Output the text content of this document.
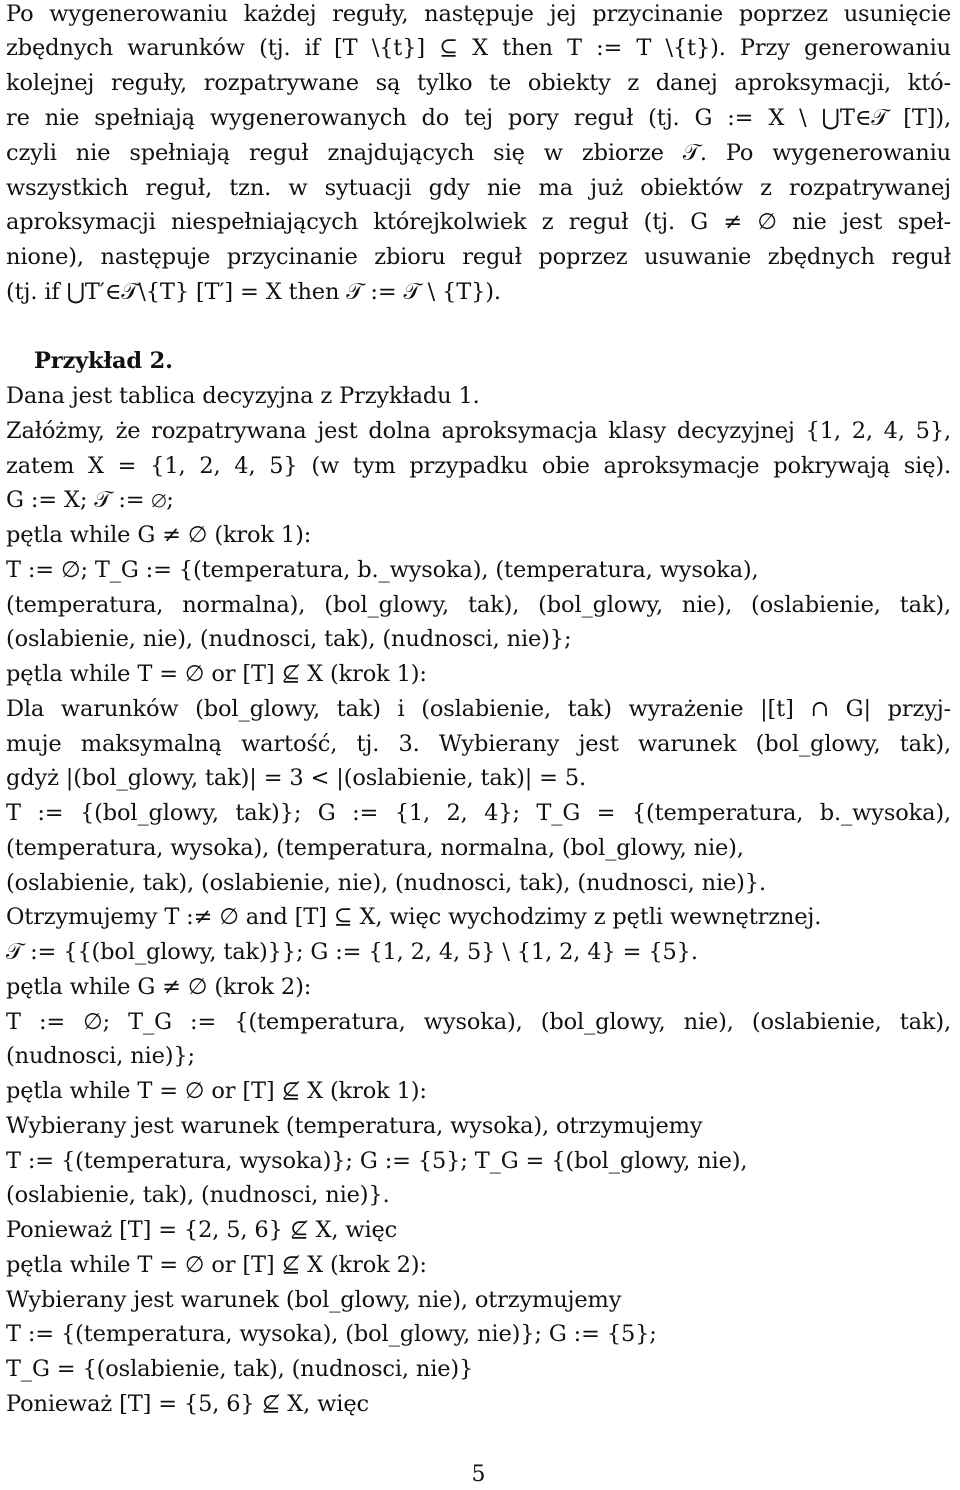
Po wygenerowaniu każdej reguły, następuje jej przycinanie poprzez usunięcie
zbędnych warunków (tj. if [T \{t}] ⊆ X then T := T \{t}). Przy generowaniu
kolejnej reguły, rozpatrywane są tylko te obiekty z danej aproksymacji, któ-
re nie spełniają wygenerowanych do tej pory reguł (tj. G := X \ ⋃T∈𝒯 [T]),
czyli nie spełniają reguł znajdujących się w zbiorze 𝒯. Po wygenerowaniu
wszystkich reguł, tzn. w sytuacji gdy nie ma już obiektów z rozpatrywanej
aproksymacji niespełniających którejkolwiek z reguł (tj. G ≠ ∅ nie jest speł-
nione), następuje przycinanie zbioru reguł poprzez usuwanie zbędnych reguł
(tj. if ⋃T′∈𝒯\{T} [T′] = X then 𝒯 := 𝒯 \ {T}).
Przykład 2.
Dana jest tablica decyzyjna z Przykładu 1.
Załóżmy, że rozpatrywana jest dolna aproksymacja klasy decyzyjnej {1, 2, 4, 5},
zatem X = {1, 2, 4, 5} (w tym przypadku obie aproksymacje pokrywają się).
G := X; 𝒯 := ∅;
pętla while G ≠ ∅ (krok 1):
T := ∅; T_G := {(temperatura, b._wysoka), (temperatura, wysoka),
(temperatura, normalna), (bol_glowy, tak), (bol_glowy, nie), (oslabienie, tak),
(oslabienie, nie), (nudnosci, tak), (nudnosci, nie)};
pętla while T = ∅ or [T] ⊈ X (krok 1):
Dla warunków (bol_glowy, tak) i (oslabienie, tak) wyrażenie |[t] ∩ G| przyj-
muje maksymalną wartość, tj. 3. Wybierany jest warunek (bol_glowy, tak),
gdyż |(bol_glowy, tak)| = 3 < |(oslabienie, tak)| = 5.
T := {(bol_glowy, tak)}; G := {1, 2, 4}; T_G = {(temperatura, b._wysoka),
(temperatura, wysoka), (temperatura, normalna, (bol_glowy, nie),
(oslabienie, tak), (oslabienie, nie), (nudnosci, tak), (nudnosci, nie)}.
Otrzymujemy T :≠ ∅ and [T] ⊆ X, więc wychodzimy z pętli wewnętrznej.
𝒯 := {{(bol_glowy, tak)}}; G := {1, 2, 4, 5} \ {1, 2, 4} = {5}.
pętla while G ≠ ∅ (krok 2):
T := ∅; T_G := {(temperatura, wysoka), (bol_glowy, nie), (oslabienie, tak),
(nudnosci, nie)};
pętla while T = ∅ or [T] ⊈ X (krok 1):
Wybierany jest warunek (temperatura, wysoka), otrzymujemy
T := {(temperatura, wysoka)}; G := {5}; T_G = {(bol_glowy, nie),
(oslabienie, tak), (nudnosci, nie)}.
Ponieważ [T] = {2, 5, 6} ⊈ X, więc
pętla while T = ∅ or [T] ⊈ X (krok 2):
Wybierany jest warunek (bol_glowy, nie), otrzymujemy
T := {(temperatura, wysoka), (bol_glowy, nie)}; G := {5};
T_G = {(oslabienie, tak), (nudnosci, nie)}
Ponieważ [T] = {5, 6} ⊈ X, więc
5
